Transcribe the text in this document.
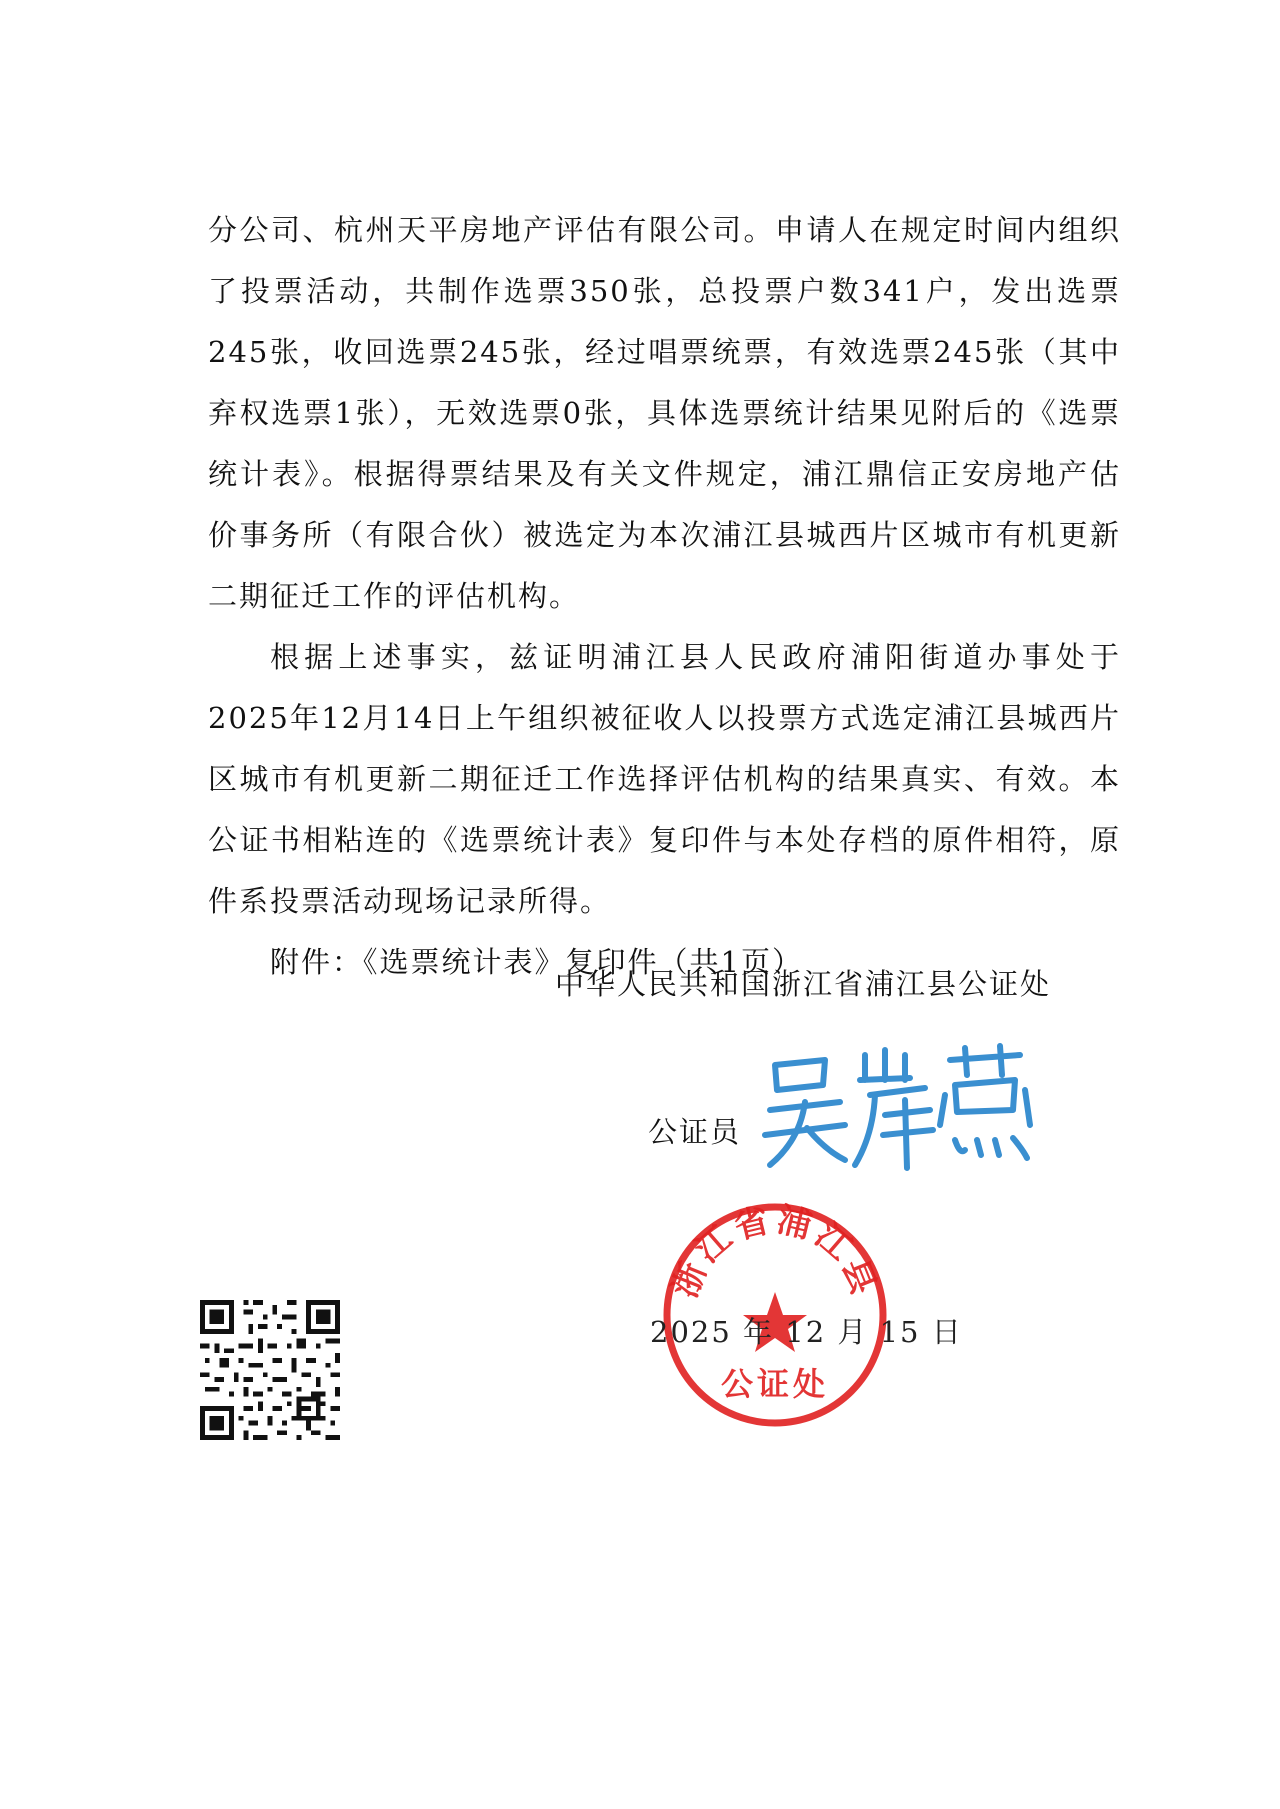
分公司、杭州天平房地产评估有限公司。申请人在规定时间内组织了投票活动，共制作选票350张，总投票户数341户，发出选票245张，收回选票245张，经过唱票统票，有效选票245张（其中弃权选票1张），无效选票0张，具体选票统计结果见附后的《选票统计表》。根据得票结果及有关文件规定，浦江鼎信正安房地产估价事务所（有限合伙）被选定为本次浦江县城西片区城市有机更新二期征迁工作的评估机构。

根据上述事实，兹证明浦江县人民政府浦阳街道办事处于2025年12月14日上午组织被征收人以投票方式选定浦江县城西片区城市有机更新二期征迁工作选择评估机构的结果真实、有效。本公证书相粘连的《选票统计表》复印件与本处存档的原件相符，原件系投票活动现场记录所得。

附件：《选票统计表》复印件（共1页）

中华人民共和国浙江省浦江县公证处
公证员
浙江省浦江县
公证处
2025 年 12 月 15 日
